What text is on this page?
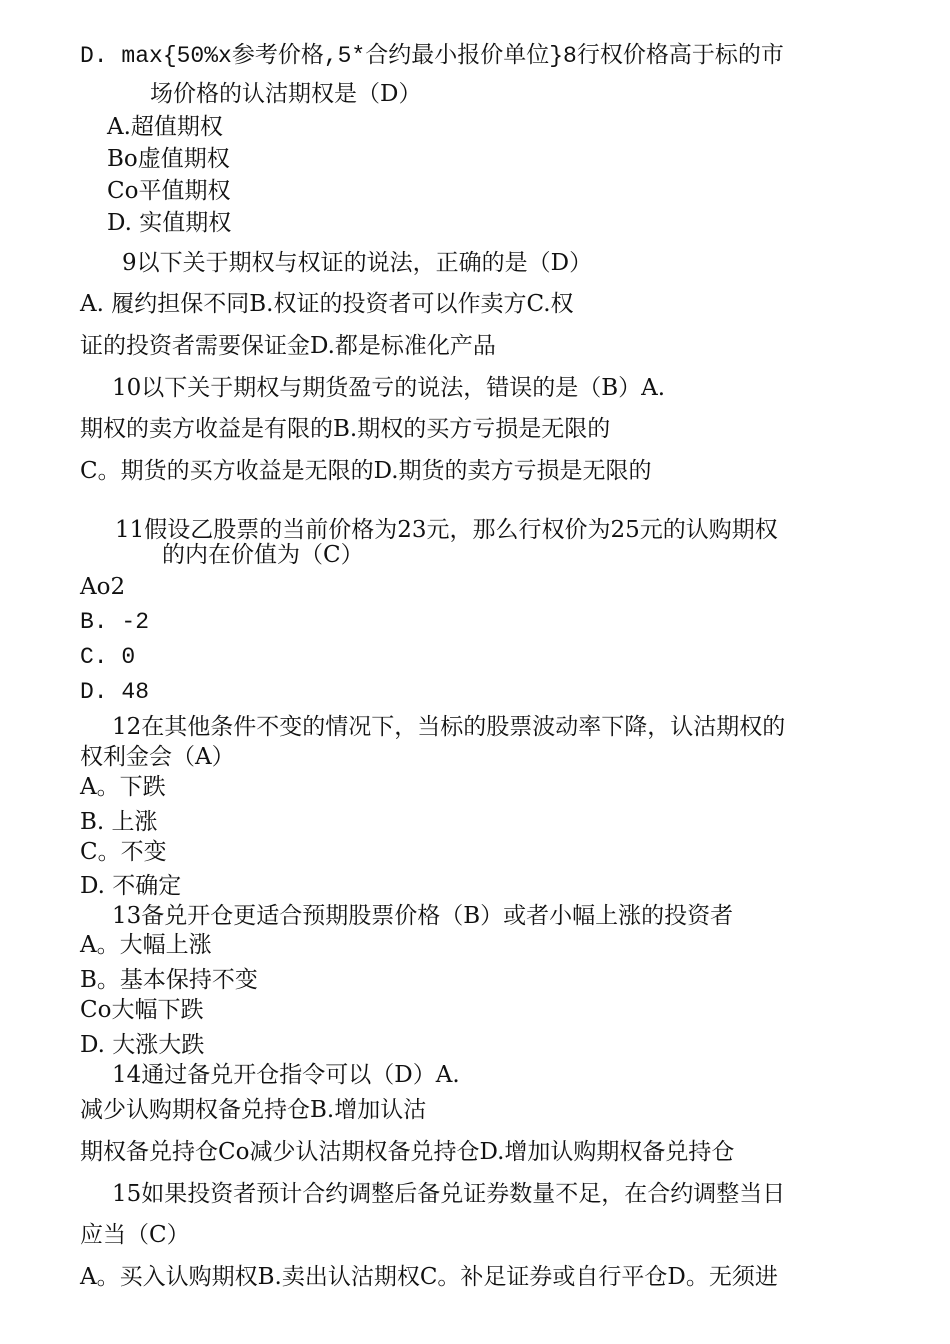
D. max{50%x参考价格,5*合约最小报价单位}8行权价格高于标的市
场价格的认沽期权是（D）
A.超值期权
Bo虚值期权
Co平值期权
D. 实值期权
9以下关于期权与权证的说法，正确的是（D）
A. 履约担保不同B.权证的投资者可以作卖方C.权
证的投资者需要保证金D.都是标准化产品
10以下关于期权与期货盈亏的说法，错误的是（B）A.
期权的卖方收益是有限的B.期权的买方亏损是无限的
C。期货的买方收益是无限的D.期货的卖方亏损是无限的
11假设乙股票的当前价格为23元，那么行权价为25元的认购期权
的内在价值为（C）
Ao2
B. -2
C. 0
D. 48
12在其他条件不变的情况下，当标的股票波动率下降，认沽期权的
权利金会（A）
A。下跌
B. 上涨
C。不变
D. 不确定
13备兑开仓更适合预期股票价格（B）或者小幅上涨的投资者
A。大幅上涨
B。基本保持不变
Co大幅下跌
D. 大涨大跌
14通过备兑开仓指令可以（D）A.
减少认购期权备兑持仓B.增加认沽
期权备兑持仓Co减少认沽期权备兑持仓D.增加认购期权备兑持仓
15如果投资者预计合约调整后备兑证券数量不足，在合约调整当日
应当（C）
A。买入认购期权B.卖出认沽期权C。补足证券或自行平仓D。无须进
